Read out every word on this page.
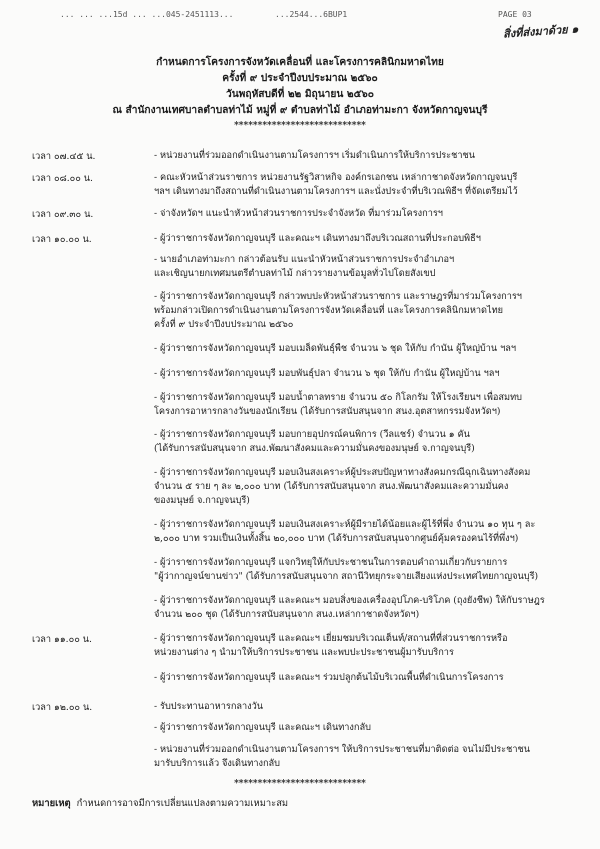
... ... ...15d ... ...045-2451113...	...2544...6BUP1	PAGE 03
สิ่งที่ส่งมาด้วย ๑
กำหนดการโครงการจังหวัดเคลื่อนที่ และโครงการคลินิกมหาดไทย
ครั้งที่ ๙ ประจำปีงบประมาณ ๒๕๖๐
วันพฤหัสบดีที่ ๒๒ มิถุนายน ๒๕๖๐
ณ สำนักงานเทศบาลตำบลท่าไม้ หมู่ที่ ๙ ตำบลท่าไม้ อำเภอท่ามะกา จังหวัดกาญจนบุรี
****************************
เวลา ๐๗.๔๕ น.	- หน่วยงานที่ร่วมออกดำเนินงานตามโครงการฯ เริ่มดำเนินการให้บริการประชาชน
เวลา ๐๘.๐๐ น.	- คณะหัวหน้าส่วนราชการ หน่วยงานรัฐวิสาหกิจ องค์กรเอกชน เหล่ากาชาดจังหวัดกาญจนบุรี
ฯลฯ เดินทางมาถึงสถานที่ดำเนินงานตามโครงการฯ และนั่งประจำที่บริเวณพิธีฯ ที่จัดเตรียมไว้
เวลา ๐๙.๓๐ น.	- จ่าจังหวัดฯ แนะนำหัวหน้าส่วนราชการประจำจังหวัด ที่มาร่วมโครงการฯ
เวลา ๑๐.๐๐ น.	- ผู้ว่าราชการจังหวัดกาญจนบุรี และคณะฯ เดินทางมาถึงบริเวณสถานที่ประกอบพิธีฯ
- นายอำเภอท่ามะกา กล่าวต้อนรับ แนะนำหัวหน้าส่วนราชการประจำอำเภอฯ
และเชิญนายกเทศมนตรีตำบลท่าไม้ กล่าวรายงานข้อมูลทั่วไปโดยสังเขป
- ผู้ว่าราชการจังหวัดกาญจนบุรี กล่าวพบปะหัวหน้าส่วนราชการ และราษฎรที่มาร่วมโครงการฯ
พร้อมกล่าวเปิดการดำเนินงานตามโครงการจังหวัดเคลื่อนที่ และโครงการคลินิกมหาดไทย
ครั้งที่ ๙ ประจำปีงบประมาณ ๒๕๖๐
- ผู้ว่าราชการจังหวัดกาญจนบุรี มอบเมล็ดพันธุ์พืช จำนวน ๖ ชุด ให้กับ กำนัน ผู้ใหญ่บ้าน ฯลฯ
- ผู้ว่าราชการจังหวัดกาญจนบุรี มอบพันธุ์ปลา จำนวน ๖ ชุด ให้กับ กำนัน ผู้ใหญ่บ้าน ฯลฯ
- ผู้ว่าราชการจังหวัดกาญจนบุรี มอบน้ำตาลทราย จำนวน ๕๐ กิโลกรัม ให้โรงเรียนฯ เพื่อสมทบ
โครงการอาหารกลางวันของนักเรียน (ได้รับการสนับสนุนจาก สนง.อุตสาหกรรมจังหวัดฯ)
- ผู้ว่าราชการจังหวัดกาญจนบุรี มอบกายอุปกรณ์คนพิการ (วีลแชร์) จำนวน ๑ คัน
(ได้รับการสนับสนุนจาก สนง.พัฒนาสังคมและความมั่นคงของมนุษย์ จ.กาญจนบุรี)
- ผู้ว่าราชการจังหวัดกาญจนบุรี มอบเงินสงเคราะห์ผู้ประสบปัญหาทางสังคมกรณีฉุกเฉินทางสังคม
จำนวน ๕ ราย ๆ ละ ๒,๐๐๐ บาท (ได้รับการสนับสนุนจาก สนง.พัฒนาสังคมและความมั่นคง
ของมนุษย์ จ.กาญจนบุรี)
- ผู้ว่าราชการจังหวัดกาญจนบุรี มอบเงินสงเคราะห์ผู้มีรายได้น้อยและผู้ไร้ที่พึ่ง จำนวน ๑๐ ทุน ๆ ละ
๒,๐๐๐ บาท รวมเป็นเงินทั้งสิ้น ๒๐,๐๐๐ บาท (ได้รับการสนับสนุนจากศูนย์คุ้มครองคนไร้ที่พึ่งฯ)
- ผู้ว่าราชการจังหวัดกาญจนบุรี แจกวิทยุให้กับประชาชนในการตอบคำถามเกี่ยวกับรายการ
"ผู้ว่ากาญจน์ขานข่าว" (ได้รับการสนับสนุนจาก สถานีวิทยุกระจายเสียงแห่งประเทศไทยกาญจนบุรี)
- ผู้ว่าราชการจังหวัดกาญจนบุรี และคณะฯ มอบสิ่งของเครื่องอุปโภค-บริโภค (ถุงยังชีพ) ให้กับราษฎร
จำนวน ๒๐๐ ชุด (ได้รับการสนับสนุนจาก สนง.เหล่ากาชาดจังหวัดฯ)
เวลา ๑๑.๐๐ น.	- ผู้ว่าราชการจังหวัดกาญจนบุรี และคณะฯ เยี่ยมชมบริเวณเต็นท์/สถานที่ที่ส่วนราชการหรือ
หน่วยงานต่าง ๆ นำมาให้บริการประชาชน และพบปะประชาชนผู้มารับบริการ
- ผู้ว่าราชการจังหวัดกาญจนบุรี และคณะฯ ร่วมปลูกต้นไม้บริเวณพื้นที่ดำเนินการโครงการ
เวลา ๑๒.๐๐ น.	- รับประทานอาหารกลางวัน
- ผู้ว่าราชการจังหวัดกาญจนบุรี และคณะฯ เดินทางกลับ
- หน่วยงานที่ร่วมออกดำเนินงานตามโครงการฯ ให้บริการประชาชนที่มาติดต่อ จนไม่มีประชาชน
มารับบริการแล้ว จึงเดินทางกลับ
****************************
หมายเหตุ กำหนดการอาจมีการเปลี่ยนแปลงตามความเหมาะสม
